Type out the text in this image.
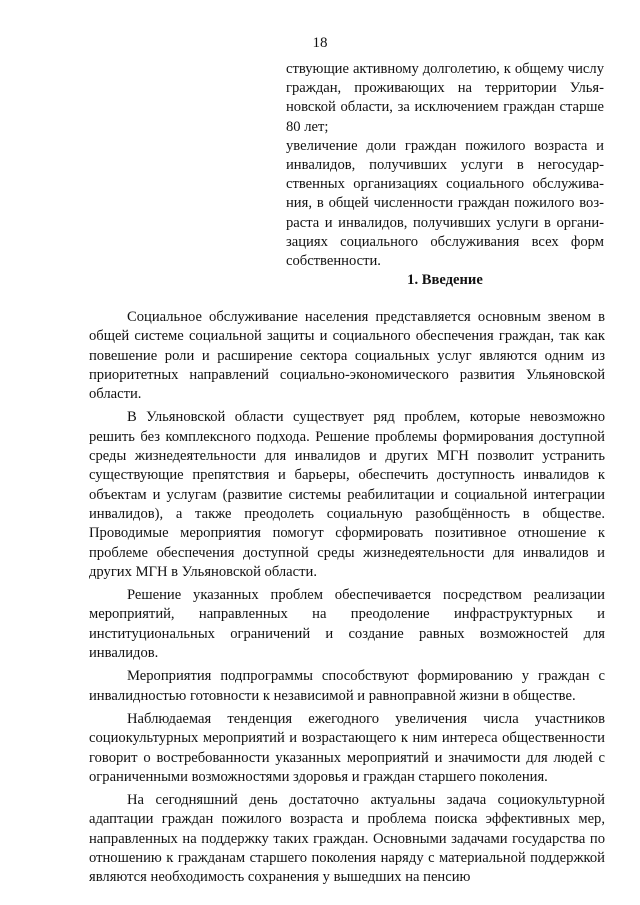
18

ствующие активному долголетию, к общему числу граждан, проживающих на территории Ульяновской области, за исключением граждан старше 80 лет;

увеличение доли граждан пожилого возраста и инвалидов, получивших услуги в негосударственных организациях социального обслуживания, в общей численности граждан пожилого возраста и инвалидов, получивших услуги в организациях социального обслуживания всех форм собственности.

1. Введение

Социальное обслуживание населения представляется основным звеном в общей системе социальной защиты и социального обеспечения граждан, так как повешение роли и расширение сектора социальных услуг являются одним из приоритетных направлений социально-экономического развития Ульяновской области.

В Ульяновской области существует ряд проблем, которые невозможно решить без комплексного подхода. Решение проблемы формирования доступной среды жизнедеятельности для инвалидов и других МГН позволит устранить существующие препятствия и барьеры, обеспечить доступность инвалидов к объектам и услугам (развитие системы реабилитации и социальной интеграции инвалидов), а также преодолеть социальную разобщённость в обществе. Проводимые мероприятия помогут сформировать позитивное отношение к проблеме обеспечения доступной среды жизнедеятельности для инвалидов и других МГН в Ульяновской области.

Решение указанных проблем обеспечивается посредством реализации мероприятий, направленных на преодоление инфраструктурных и институциональных ограничений и создание равных возможностей для инвалидов.

Мероприятия подпрограммы способствуют формированию у граждан с инвалидностью готовности к независимой и равноправной жизни в обществе.

Наблюдаемая тенденция ежегодного увеличения числа участников социокультурных мероприятий и возрастающего к ним интереса общественности говорит о востребованности указанных мероприятий и значимости для людей с ограниченными возможностями здоровья и граждан старшего поколения.

На сегодняшний день достаточно актуальны задача социокультурной адаптации граждан пожилого возраста и проблема поиска эффективных мер, направленных на поддержку таких граждан. Основными задачами государства по отношению к гражданам старшего поколения наряду с материальной поддержкой являются необходимость сохранения у вышедших на пенсию
